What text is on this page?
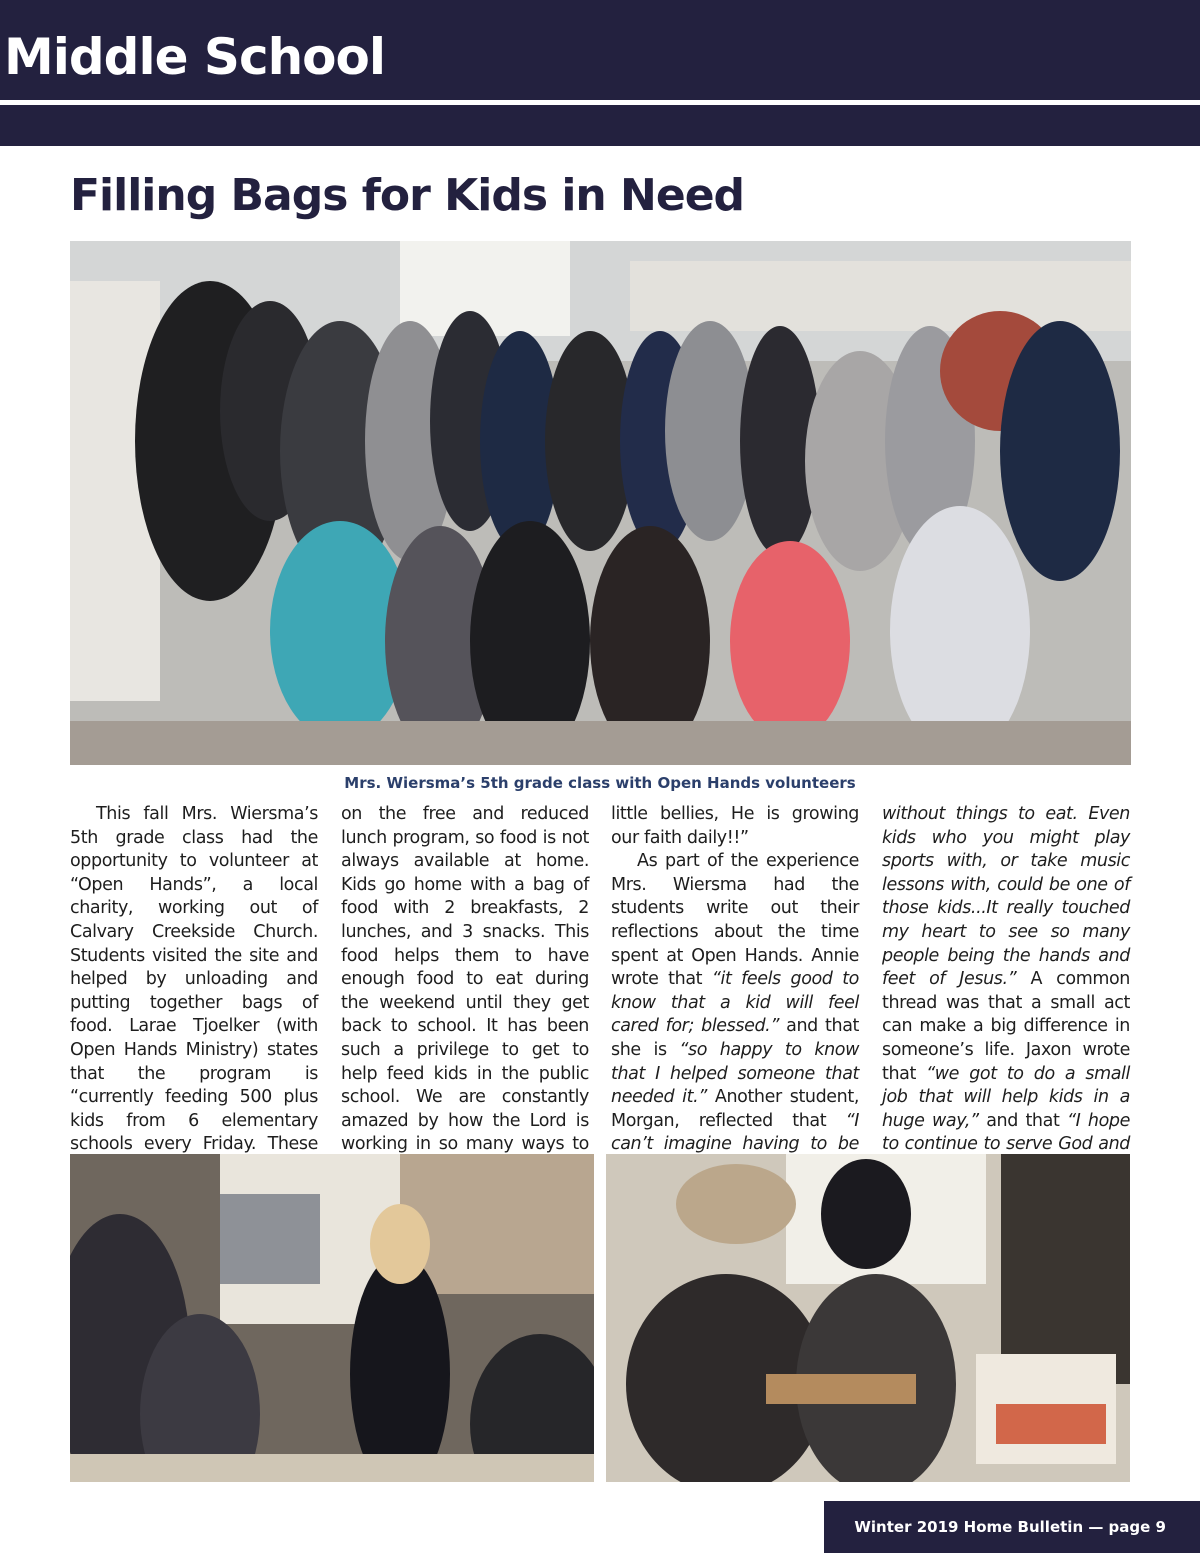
Middle School
Filling Bags for Kids in Need
Mrs. Wiersma’s 5th grade class with Open Hands volunteers

This fall Mrs. Wiersma’s 5th grade class had the opportunity to volunteer at “Open Hands”, a local charity, working out of Calvary Creekside Church. Students visited the site and helped by unloading and putting together bags of food. Larae Tjoelker (with Open Hands Ministry) states that the program is “currently feeding 500 plus kids from 6 elementary schools every Friday. These

on the free and reduced lunch program, so food is not always available at home. Kids go home with a bag of food with 2 breakfasts, 2 lunches, and 3 snacks. This food helps them to have enough food to eat during the weekend until they get back to school. It has been such a privilege to get to help feed kids in the public school. We are constantly amazed by how the Lord is working in so many ways to

little bellies, He is growing our faith daily!!”

As part of the experience Mrs. Wiersma had the students write out their reflections about the time spent at Open Hands. Annie wrote that “it feels good to know that a kid will feel cared for; blessed.” and that she is “so happy to know that I helped someone that needed it.” Another student, Morgan, reflected that “I can’t imagine having to be

without things to eat. Even kids who you might play sports with, or take music lessons with, could be one of those kids...It really touched my heart to see so many people being the hands and feet of Jesus.” A common thread was that a small act can make a big difference in someone’s life. Jaxon wrote that “we got to do a small job that will help kids in a huge way,” and that “I hope to continue to serve God and

Winter 2019 Home Bulletin — page 9
